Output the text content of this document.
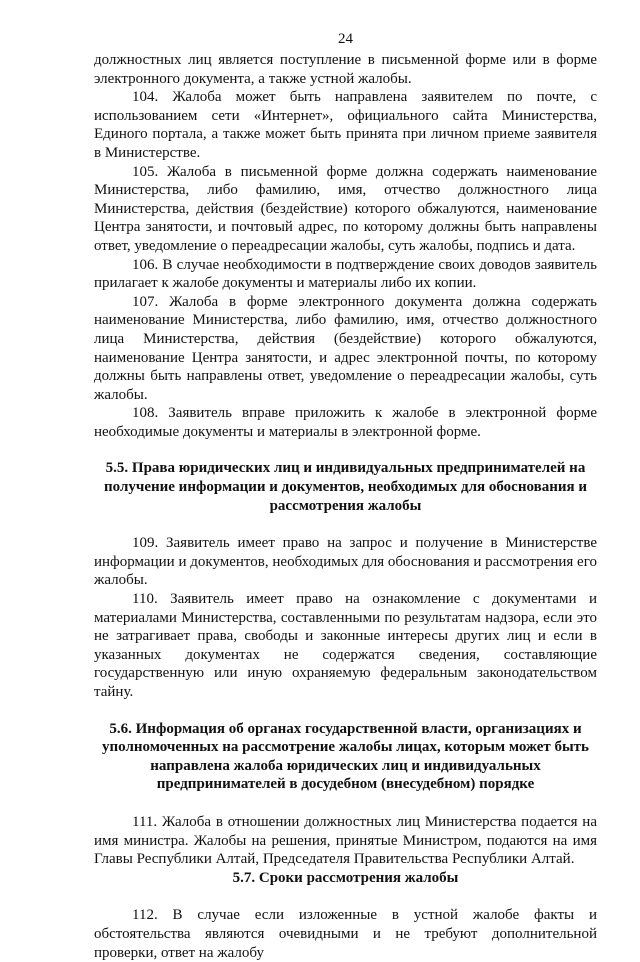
24

должностных лиц является поступление в письменной форме или в форме электронного документа, а также устной жалобы.

104. Жалоба может быть направлена заявителем по почте, с использованием сети «Интернет», официального сайта Министерства, Единого портала, а также может быть принята при личном приеме заявителя в Министерстве.

105. Жалоба в письменной форме должна содержать наименование Министерства, либо фамилию, имя, отчество должностного лица Министерства, действия (бездействие) которого обжалуются, наименование Центра занятости, и почтовый адрес, по которому должны быть направлены ответ, уведомление о переадресации жалобы, суть жалобы, подпись и дата.

106. В случае необходимости в подтверждение своих доводов заявитель прилагает к жалобе документы и материалы либо их копии.

107. Жалоба в форме электронного документа должна содержать наименование Министерства, либо фамилию, имя, отчество должностного лица Министерства, действия (бездействие) которого обжалуются, наименование Центра занятости, и адрес электронной почты, по которому должны быть направлены ответ, уведомление о переадресации жалобы, суть жалобы.

108. Заявитель вправе приложить к жалобе в электронной форме необходимые документы и материалы в электронной форме.

5.5. Права юридических лиц и индивидуальных предпринимателей на получение информации и документов, необходимых для обоснования и рассмотрения жалобы

109. Заявитель имеет право на запрос и получение в Министерстве информации и документов, необходимых для обоснования и рассмотрения его жалобы.

110. Заявитель имеет право на ознакомление с документами и материалами Министерства, составленными по результатам надзора, если это не затрагивает права, свободы и законные интересы других лиц и если в указанных документах не содержатся сведения, составляющие государственную или иную охраняемую федеральным законодательством тайну.

5.6. Информация об органах государственной власти, организациях и уполномоченных на рассмотрение жалобы лицах, которым может быть направлена жалоба юридических лиц и индивидуальных предпринимателей в досудебном (внесудебном) порядке

111. Жалоба в отношении должностных лиц Министерства подается на имя министра. Жалобы на решения, принятые Министром, подаются на имя Главы Республики Алтай, Председателя Правительства Республики Алтай.

5.7. Сроки рассмотрения жалобы

112. В случае если изложенные в устной жалобе факты и обстоятельства являются очевидными и не требуют дополнительной проверки, ответ на жалобу
